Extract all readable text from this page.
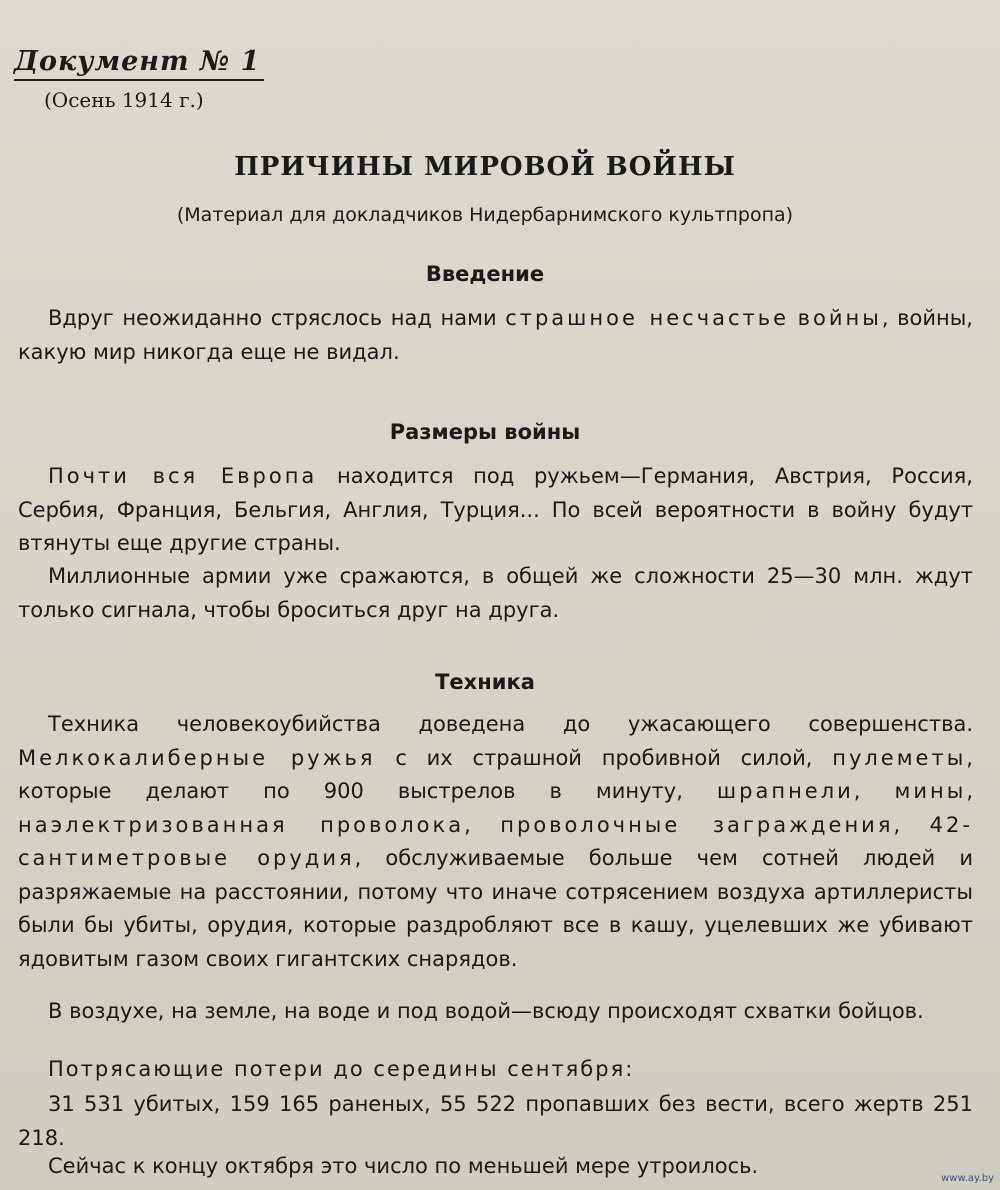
Документ № 1
(Осень 1914 г.)
ПРИЧИНЫ МИРОВОЙ ВОЙНЫ
(Материал для докладчиков Нидербарнимского культпропа)
Введение
Вдруг неожиданно стряслось над нами страшное несчастье войны, войны, какую мир никогда еще не видал.
Размеры войны
Почти вся Европа находится под ружьем—Германия, Австрия, Россия, Сербия, Франция, Бельгия, Англия, Турция... По всей вероятности в войну будут втянуты еще другие страны.
Миллионные армии уже сражаются, в общей же сложности 25—30 млн. ждут только сигнала, чтобы броситься друг на друга.
Техника
Техника человекоубийства доведена до ужасающего совершенства. Мелкокалиберные ружья с их страшной пробивной силой, пулеметы, которые делают по 900 выстрелов в минуту, шрапнели, мины, наэлектризованная проволока, проволочные заграждения, 42-сантиметровые орудия, обслуживаемые больше чем сотней людей и разряжаемые на расстоянии, потому что иначе сотрясением воздуха артиллеристы были бы убиты, орудия, которые раздробляют все в кашу, уцелевших же убивают ядовитым газом своих гигантских снарядов.
В воздухе, на земле, на воде и под водой—всюду происходят схватки бойцов.
Потрясающие потери до середины сентября:
31 531 убитых, 159 165 раненых, 55 522 пропавших без вести, всего жертв 251 218.
Сейчас к концу октября это число по меньшей мере утроилось.
www.ay.by
